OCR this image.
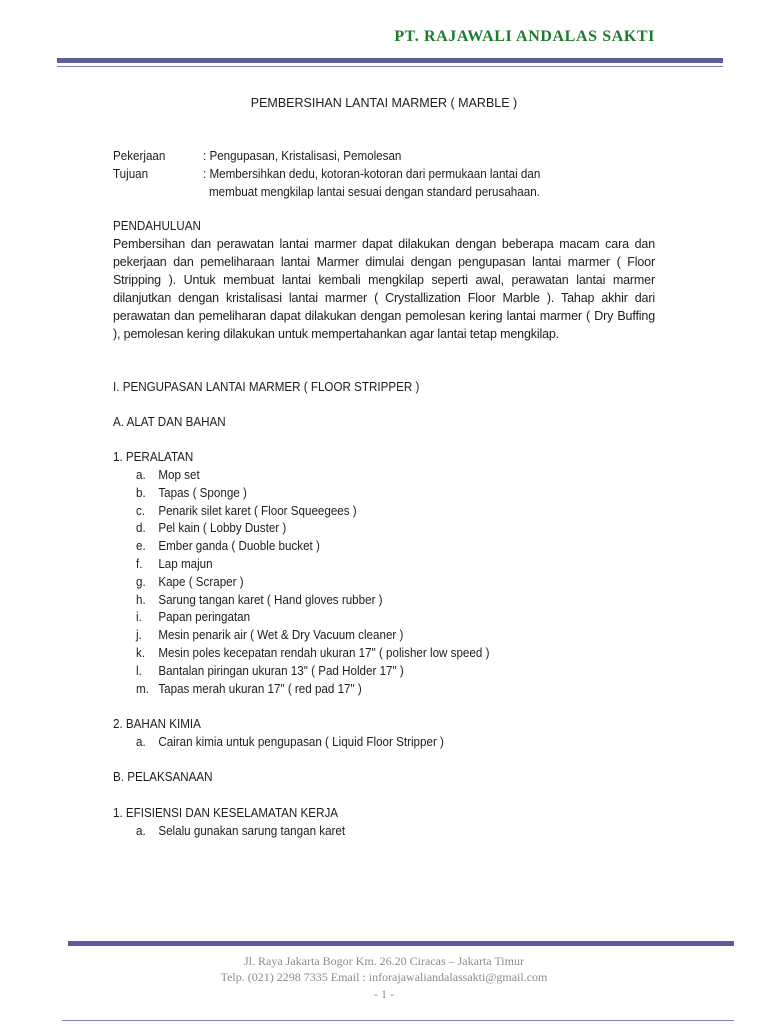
PT. RAJAWALI ANDALAS SAKTI
PEMBERSIHAN LANTAI MARMER ( MARBLE )
Pekerjaan	: Pengupasan, Kristalisasi, Pemolesan
Tujuan	: Membersihkan dedu, kotoran-kotoran dari permukaan lantai dan
membuat mengkilap lantai sesuai dengan standard perusahaan.
PENDAHULUAN
Pembersihan dan perawatan lantai marmer dapat dilakukan dengan beberapa macam cara dan pekerjaan dan pemeliharaan lantai Marmer dimulai dengan pengupasan lantai marmer ( Floor Stripping ). Untuk membuat lantai kembali mengkilap seperti awal, perawatan lantai marmer dilanjutkan dengan kristalisasi lantai marmer ( Crystallization Floor Marble ). Tahap akhir dari perawatan dan pemeliharan dapat dilakukan dengan pemolesan kering lantai marmer ( Dry Buffing ), pemolesan kering dilakukan untuk mempertahankan agar lantai tetap mengkilap.
I. PENGUPASAN LANTAI MARMER ( FLOOR STRIPPER )
A. ALAT DAN BAHAN
1. PERALATAN
a.	Mop set
b.	Tapas ( Sponge )
c.	Penarik silet karet ( Floor Squeegees )
d.	Pel kain ( Lobby Duster )
e.	Ember ganda ( Duoble bucket )
f.	Lap majun
g.	Kape ( Scraper )
h.	Sarung tangan karet ( Hand gloves rubber )
i.	Papan peringatan
j.	Mesin penarik air ( Wet & Dry Vacuum cleaner )
k.	Mesin poles kecepatan rendah ukuran 17" ( polisher low speed )
l.	Bantalan piringan ukuran 13" ( Pad Holder 17" )
m. Tapas merah ukuran 17" ( red pad 17" )
2. BAHAN KIMIA
a.	Cairan kimia untuk pengupasan ( Liquid Floor Stripper )
B. PELAKSANAAN
1. EFISIENSI DAN KESELAMATAN KERJA
a.	Selalu gunakan sarung tangan karet
Jl. Raya Jakarta Bogor Km. 26.20 Ciracas – Jakarta Timur
Telp. (021) 2298 7335 Email : inforajawaliandalassakti@gmail.com
- 1 -
